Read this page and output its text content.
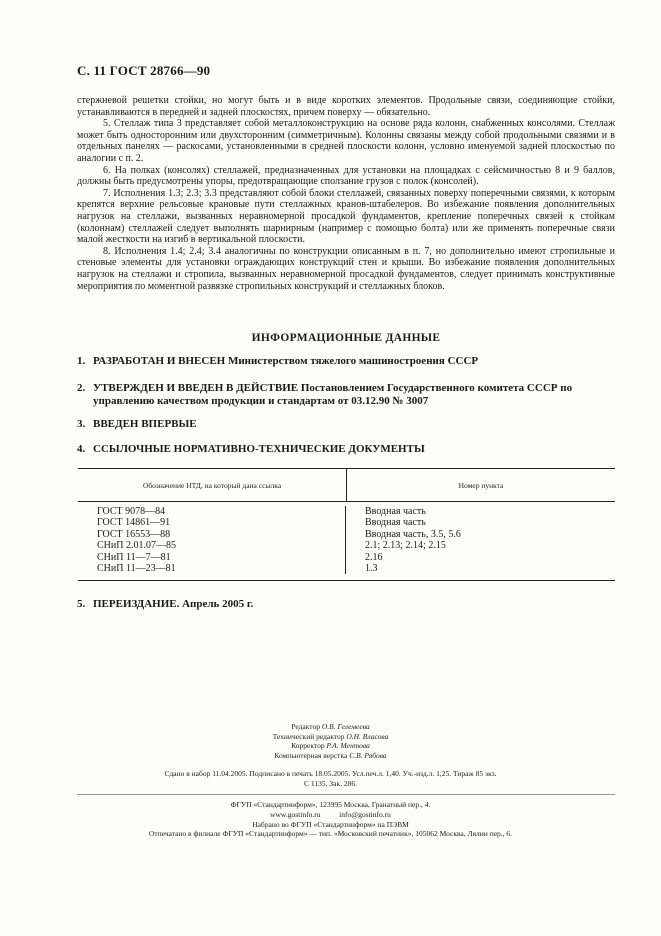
С. 11 ГОСТ 28766—90

стержневой решетки стойки, но могут быть и в виде коротких элементов. Продольные связи, соединяющие стойки, устанавливаются в передней и задней плоскостях, причем поверху — обязательно.

5. Стеллаж типа 3 представляет собой металлоконструкцию на основе ряда колонн, снабженных консолями. Стеллаж может быть односторонним или двухсторонним (симметричным). Колонны связаны между собой продольными связями и в отдельных панелях — раскосами, установленными в средней плоскости колонн, условно именуемой задней плоскостью по аналогии с п. 2.

6. На полках (консолях) стеллажей, предназначенных для установки на площадках с сейсмичностью 8 и 9 баллов, должны быть предусмотрены упоры, предотвращающие сползание грузов с полок (консолей).

7. Исполнения 1.3; 2.3; 3.3 представляют собой блоки стеллажей, связанных поверху поперечными связями, к которым крепятся верхние рельсовые крановые пути стеллажных кранов-штабелеров. Во избежание появления дополнительных нагрузок на стеллажи, вызванных неравномерной просадкой фундаментов, крепление поперечных связей к стойкам (колоннам) стеллажей следует выполнять шарнирным (например с помощью болта) или же применять поперечные связи малой жесткости на изгиб в вертикальной плоскости.

8. Исполнения 1.4; 2.4; 3.4 аналогичны по конструкции описанным в п. 7, но дополнительно имеют стропильные и стеновые элементы для установки ограждающих конструкций стен и крыши. Во избежание появления дополнительных нагрузок на стеллажи и стропила, вызванных неравномерной просадкой фундаментов, следует принимать конструктивные мероприятия по моментной развязке стропильных конструкций и стеллажных блоков.

ИНФОРМАЦИОННЫЕ ДАННЫЕ
1. РАЗРАБОТАН И ВНЕСЕН Министерством тяжелого машиностроения СССР
2. УТВЕРЖДЕН И ВВЕДЕН В ДЕЙСТВИЕ Постановлением Государственного комитета СССР по
управлению качеством продукции и стандартам от 03.12.90 № 3007
3. ВВЕДЕН ВПЕРВЫЕ
4. ССЫЛОЧНЫЕ НОРМАТИВНО-ТЕХНИЧЕСКИЕ ДОКУМЕНТЫ
Обозначение НТД, на который дана ссылка	Номер пункта
ГОСТ 9078—84
ГОСТ 14861—91
ГОСТ 16553—88
СНиП 2.01.07—85
СНиП 11—7—81
СНиП 11—23—81
Вводная часть
Вводная часть
Вводная часть, 3.5, 5.6
2.1; 2.13; 2.14; 2.15
2.16
1.3
5. ПЕРЕИЗДАНИЕ. Апрель 2005 г.
Редактор О.В. Гелемеева
Технический редактор О.Н. Власова
Корректор Р.А. Ментова
Компьютерная верстка С.В. Рябова
Сдано в набор 11.04.2005. Подписано в печать 18.05.2005. Усл.печ.л. 1,40. Уч.-изд.л. 1,25. Тираж 85 экз.
С 1135. Зак. 286.
ФГУП «Стандартинформ», 123995 Москва, Гранатный пер., 4.
www.gostinfo.ru          info@gostinfo.ru
Набрано во ФГУП «Стандартинформ» на ПЭВМ
Отпечатано в филиале ФГУП «Стандартинформ» — тип. «Московский печатник», 105062 Москва, Лялин пер., 6.
